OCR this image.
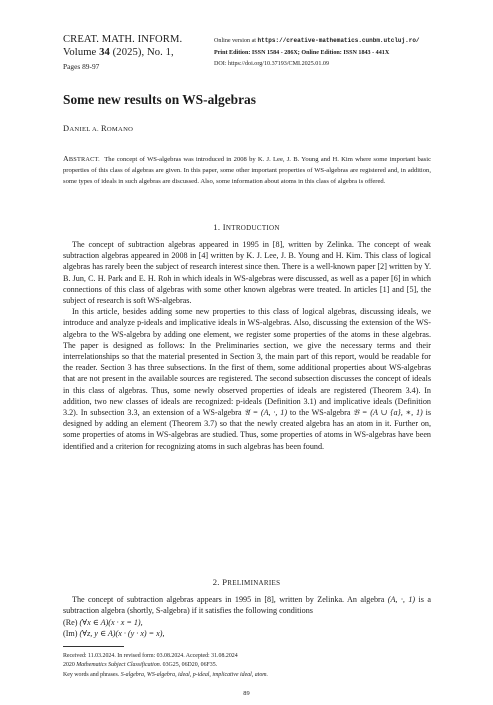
CREAT. MATH. INFORM.
Volume 34 (2025), No. 1,
Pages 89-97
Online version at https://creative-mathematics.cunbm.utcluj.ro/
Print Edition: ISSN 1584 - 286X; Online Edition: ISSN 1843 - 441X
DOI: https://doi.org/10.37193/CMI.2025.01.09
Some new results on WS-algebras
DANIEL A. ROMANO
ABSTRACT. The concept of WS-algebras was introduced in 2008 by K. J. Lee, J. B. Young and H. Kim where some important basic properties of this class of algebras are given. In this paper, some other important properties of WS-algebras are registered and, in addition, some types of ideals in such algebras are discussed. Also, some information about atoms in this class of algebra is offered.
1. INTRODUCTION

The concept of subtraction algebras appeared in 1995 in [8], written by Zelinka. The concept of weak subtraction algebras appeared in 2008 in [4] written by K. J. Lee, J. B. Young and H. Kim. This class of logical algebras has rarely been the subject of research interest since then. There is a well-known paper [2] written by Y. B. Jun, C. H. Park and E. H. Roh in which ideals in WS-algebras were discussed, as well as a paper [6] in which connections of this class of algebras with some other known algebras were treated. In articles [1] and [5], the subject of research is soft WS-algebras.

In this article, besides adding some new properties to this class of logical algebras, discussing ideals, we introduce and analyze p-ideals and implicative ideals in WS-algebras. Also, discussing the extension of the WS-algebra to the WS-algebra by adding one element, we register some properties of the atoms in these algebras. The paper is designed as follows: In the Preliminaries section, we give the necessary terms and their interrelationships so that the material presented in Section 3, the main part of this report, would be readable for the reader. Section 3 has three subsections. In the first of them, some additional properties about WS-algebras that are not present in the available sources are registered. The second subsection discusses the concept of ideals in this class of algebras. Thus, some newly observed properties of ideals are registered (Theorem 3.4). In addition, two new classes of ideals are recognized: p-ideals (Definition 3.1) and implicative ideals (Definition 3.2). In subsection 3.3, an extension of a WS-algebra 𝔄 = (A, ·, 1) to the WS-algebra 𝔅 = (A ∪ {a}, ∗, 1) is designed by adding an element (Theorem 3.7) so that the newly created algebra has an atom in it. Further on, some properties of atoms in WS-algebras are studied. Thus, some properties of atoms in WS-algebras have been identified and a criterion for recognizing atoms in such algebras has been found.

2. PRELIMINARIES

The concept of subtraction algebras appears in 1995 in [8], written by Zelinka. An algebra (A, ·, 1) is a subtraction algebra (shortly, S-algebra) if it satisfies the following conditions

(Re) (∀x ∈ A)(x · x = 1),
(Im) (∀z, y ∈ A)(x · (y · x) = x),
Received: 11.03.2024. In revised form: 03.08.2024. Accepted: 31.08.2024
2020 Mathematics Subject Classification. 03G25, 06D20, 06F35.
Key words and phrases. S-algebra, WS-algebra, ideal, p-ideal, implicative ideal, atom.
89
